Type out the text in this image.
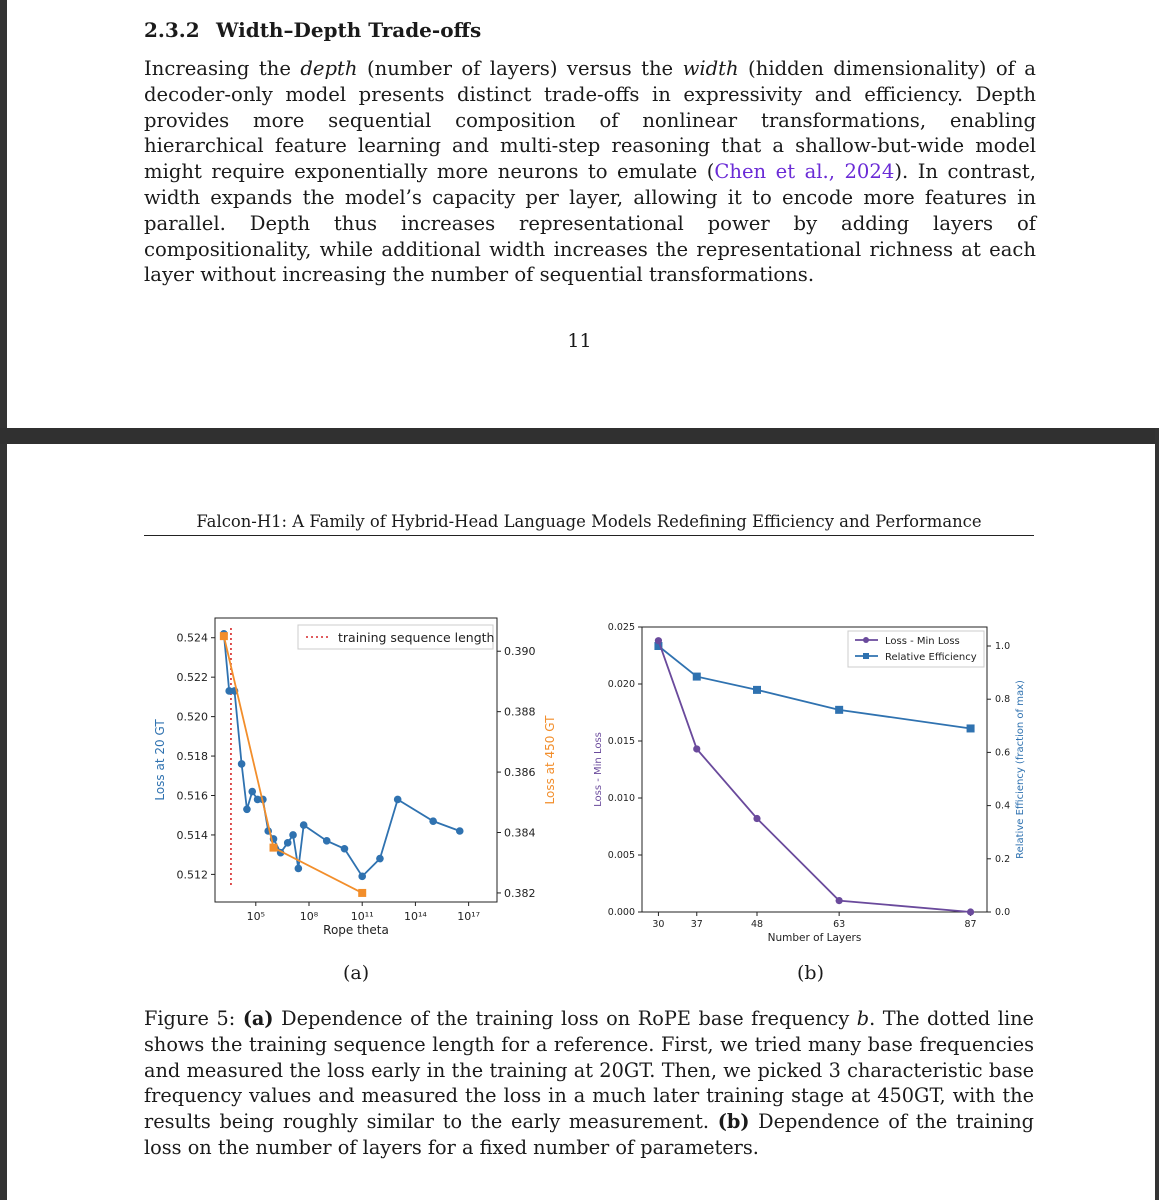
2.3.2 Width–Depth Trade-offs
Increasing the depth (number of layers) versus the width (hidden dimensionality) of a decoder-only model presents distinct trade-offs in expressivity and efficiency. Depth provides more sequential composition of nonlinear transformations, enabling hierarchical feature learning and multi-step reasoning that a shallow-but-wide model might require exponentially more neurons to emulate (Chen et al., 2024). In contrast, width expands the model’s capacity per layer, allowing it to encode more features in parallel. Depth thus increases representational power by adding layers of compositionality, while additional width increases the representational richness at each layer without increasing the number of sequential transformations.
11
Falcon-H1: A Family of Hybrid-Head Language Models Redefining Efficiency and Performance
0.512
0.514
0.516
0.518
0.520
0.522
0.524
0.382
0.384
0.386
0.388
0.390
10⁵	10⁸	10¹¹	10¹⁴	10¹⁷
Rope theta
Loss at 20 GT	Loss at 450 GT
training sequence length
0.000
0.005
0.010
0.015
0.020
0.025
0.0
0.2
0.4
0.6
0.8
1.0
30	37	48	63	87
Number of Layers
Loss - Min Loss	Relative Efficiency (fraction of max)
Loss - Min Loss
Relative Efficiency
(a)	(b)
Figure 5: (a) Dependence of the training loss on RoPE base frequency b. The dotted line shows the training sequence length for a reference. First, we tried many base frequencies and measured the loss early in the training at 20GT. Then, we picked 3 characteristic base frequency values and measured the loss in a much later training stage at 450GT, with the results being roughly similar to the early measurement. (b) Dependence of the training loss on the number of layers for a fixed number of parameters.
